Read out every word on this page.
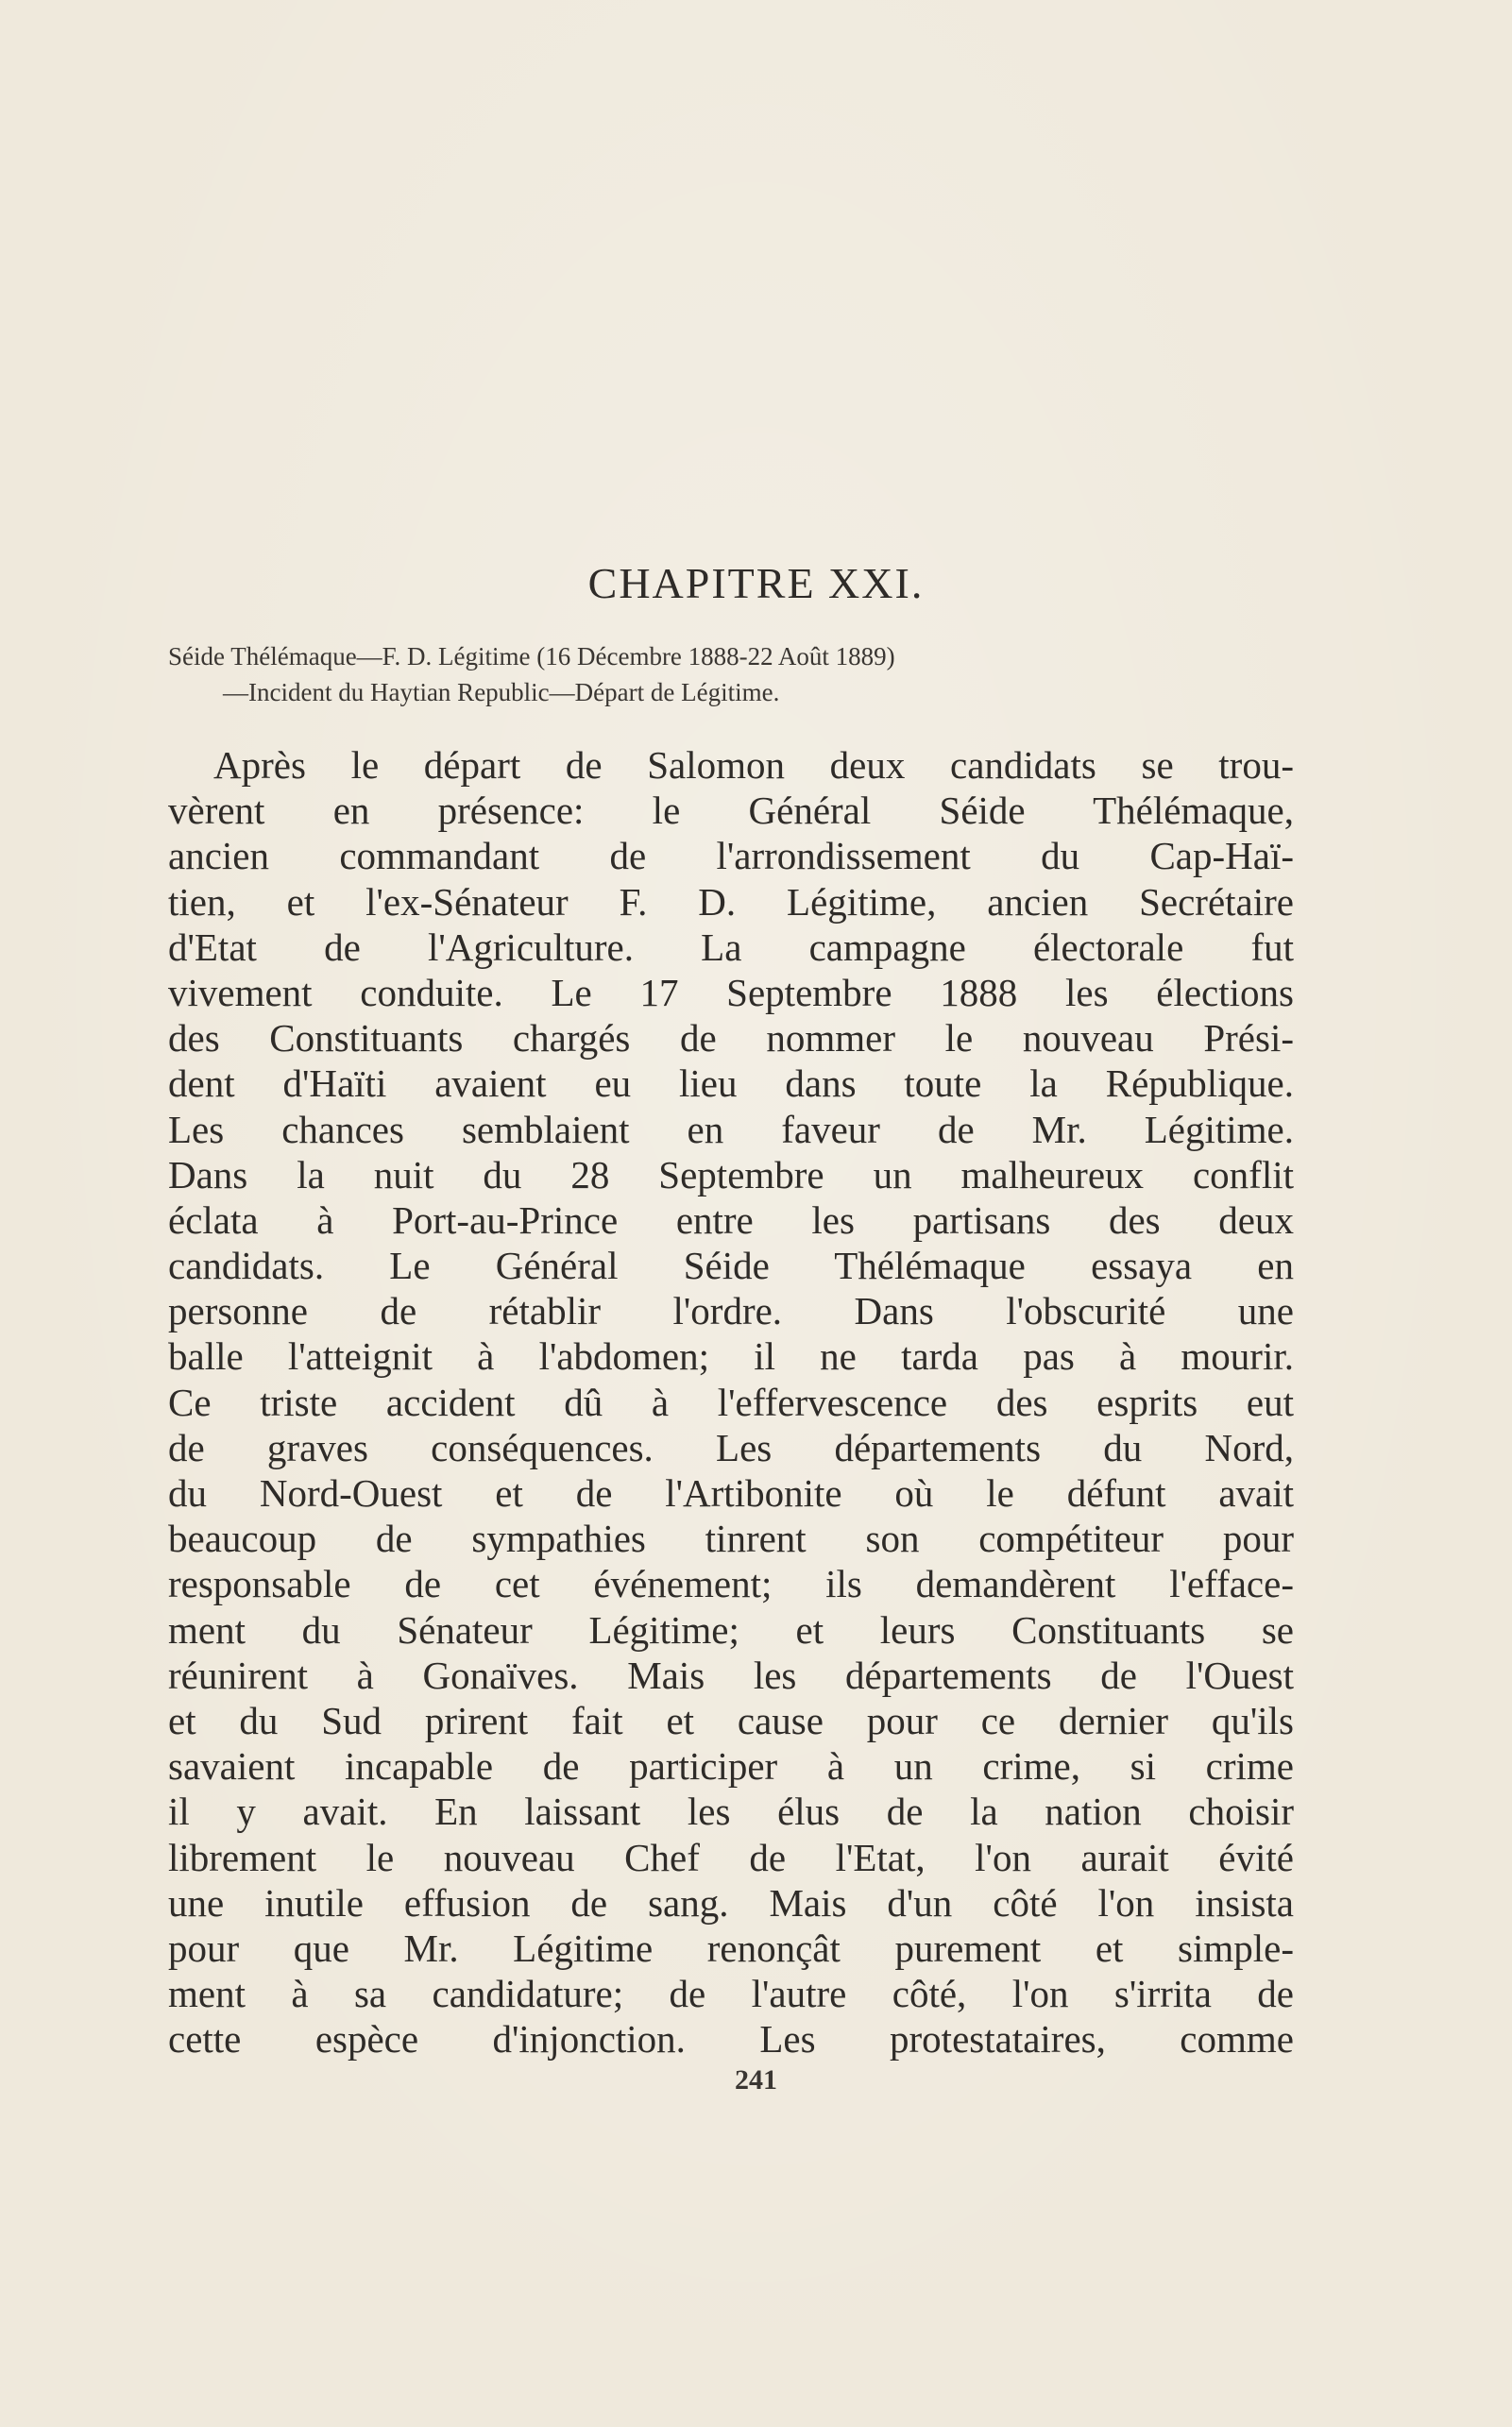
CHAPITRE XXI.
Séide Thélémaque—F. D. Légitime (16 Décembre 1888-22 Août 1889)
—Incident du Haytian Republic—Départ de Légitime.
Après le départ de Salomon deux candidats se trou-
vèrent en présence: le Général Séide Thélémaque,
ancien commandant de l'arrondissement du Cap-Haï-
tien, et l'ex-Sénateur F. D. Légitime, ancien Secrétaire
d'Etat de l'Agriculture. La campagne électorale fut
vivement conduite. Le 17 Septembre 1888 les élections
des Constituants chargés de nommer le nouveau Prési-
dent d'Haïti avaient eu lieu dans toute la République.
Les chances semblaient en faveur de Mr. Légitime.
Dans la nuit du 28 Septembre un malheureux conflit
éclata à Port-au-Prince entre les partisans des deux
candidats. Le Général Séide Thélémaque essaya en
personne de rétablir l'ordre. Dans l'obscurité une
balle l'atteignit à l'abdomen; il ne tarda pas à mourir.
Ce triste accident dû à l'effervescence des esprits eut
de graves conséquences. Les départements du Nord,
du Nord-Ouest et de l'Artibonite où le défunt avait
beaucoup de sympathies tinrent son compétiteur pour
responsable de cet événement; ils demandèrent l'efface-
ment du Sénateur Légitime; et leurs Constituants se
réunirent à Gonaïves. Mais les départements de l'Ouest
et du Sud prirent fait et cause pour ce dernier qu'ils
savaient incapable de participer à un crime, si crime
il y avait. En laissant les élus de la nation choisir
librement le nouveau Chef de l'Etat, l'on aurait évité
une inutile effusion de sang. Mais d'un côté l'on insista
pour que Mr. Légitime renonçât purement et simple-
ment à sa candidature; de l'autre côté, l'on s'irrita de
cette espèce d'injonction. Les protestataires, comme
241
